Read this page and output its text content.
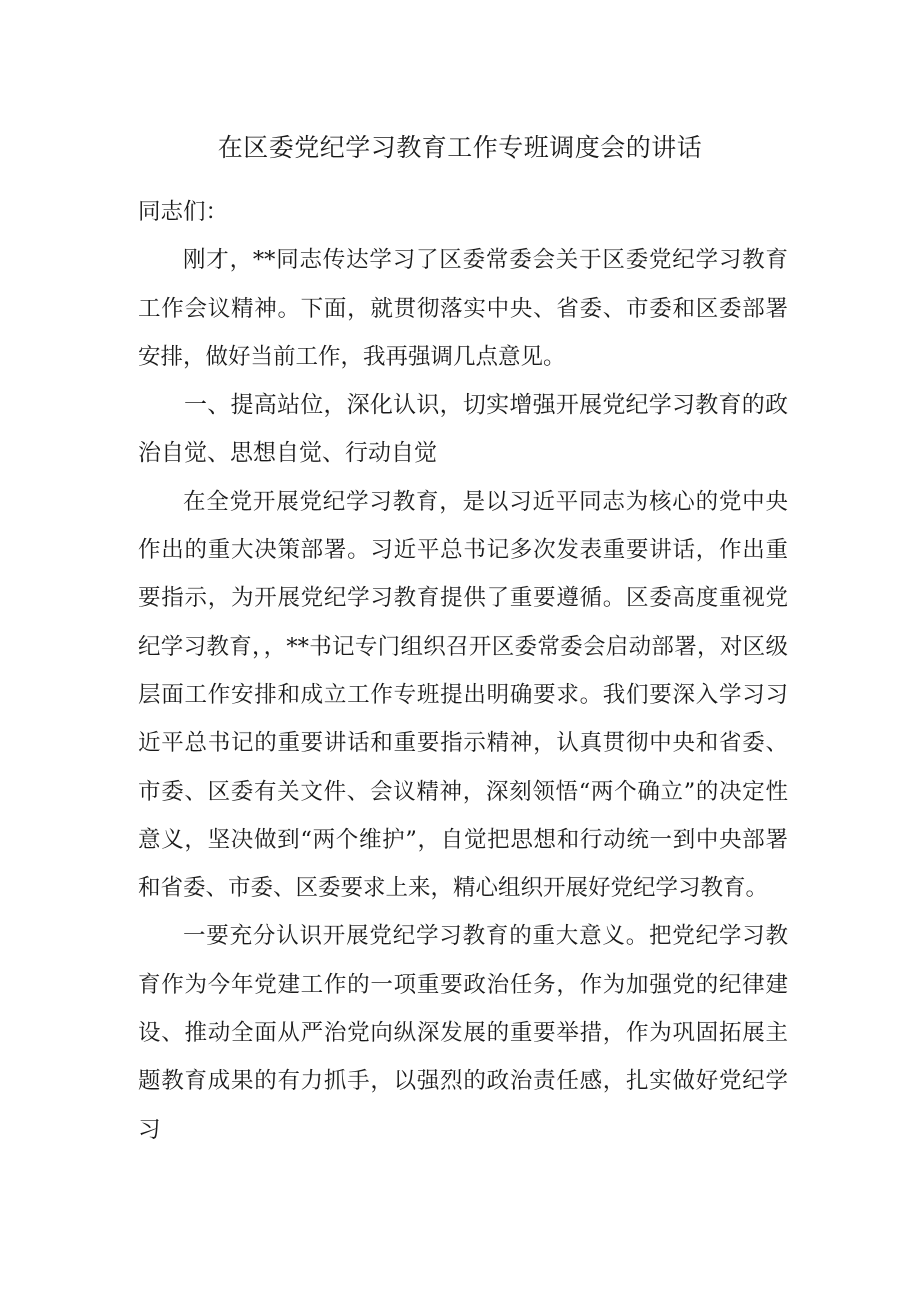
在区委党纪学习教育工作专班调度会的讲话

同志们：

刚才，**同志传达学习了区委常委会关于区委党纪学习教育工作会议精神。下面，就贯彻落实中央、省委、市委和区委部署安排，做好当前工作，我再强调几点意见。

一、提高站位，深化认识，切实增强开展党纪学习教育的政治自觉、思想自觉、行动自觉

在全党开展党纪学习教育，是以习近平同志为核心的党中央作出的重大决策部署。习近平总书记多次发表重要讲话，作出重要指示，为开展党纪学习教育提供了重要遵循。区委高度重视党纪学习教育，，**书记专门组织召开区委常委会启动部署，对区级层面工作安排和成立工作专班提出明确要求。我们要深入学习习近平总书记的重要讲话和重要指示精神，认真贯彻中央和省委、市委、区委有关文件、会议精神，深刻领悟“两个确立”的决定性意义，坚决做到“两个维护”，自觉把思想和行动统一到中央部署和省委、市委、区委要求上来，精心组织开展好党纪学习教育。

一要充分认识开展党纪学习教育的重大意义。把党纪学习教育作为今年党建工作的一项重要政治任务，作为加强党的纪律建设、推动全面从严治党向纵深发展的重要举措，作为巩固拓展主题教育成果的有力抓手，以强烈的政治责任感，扎实做好党纪学习
